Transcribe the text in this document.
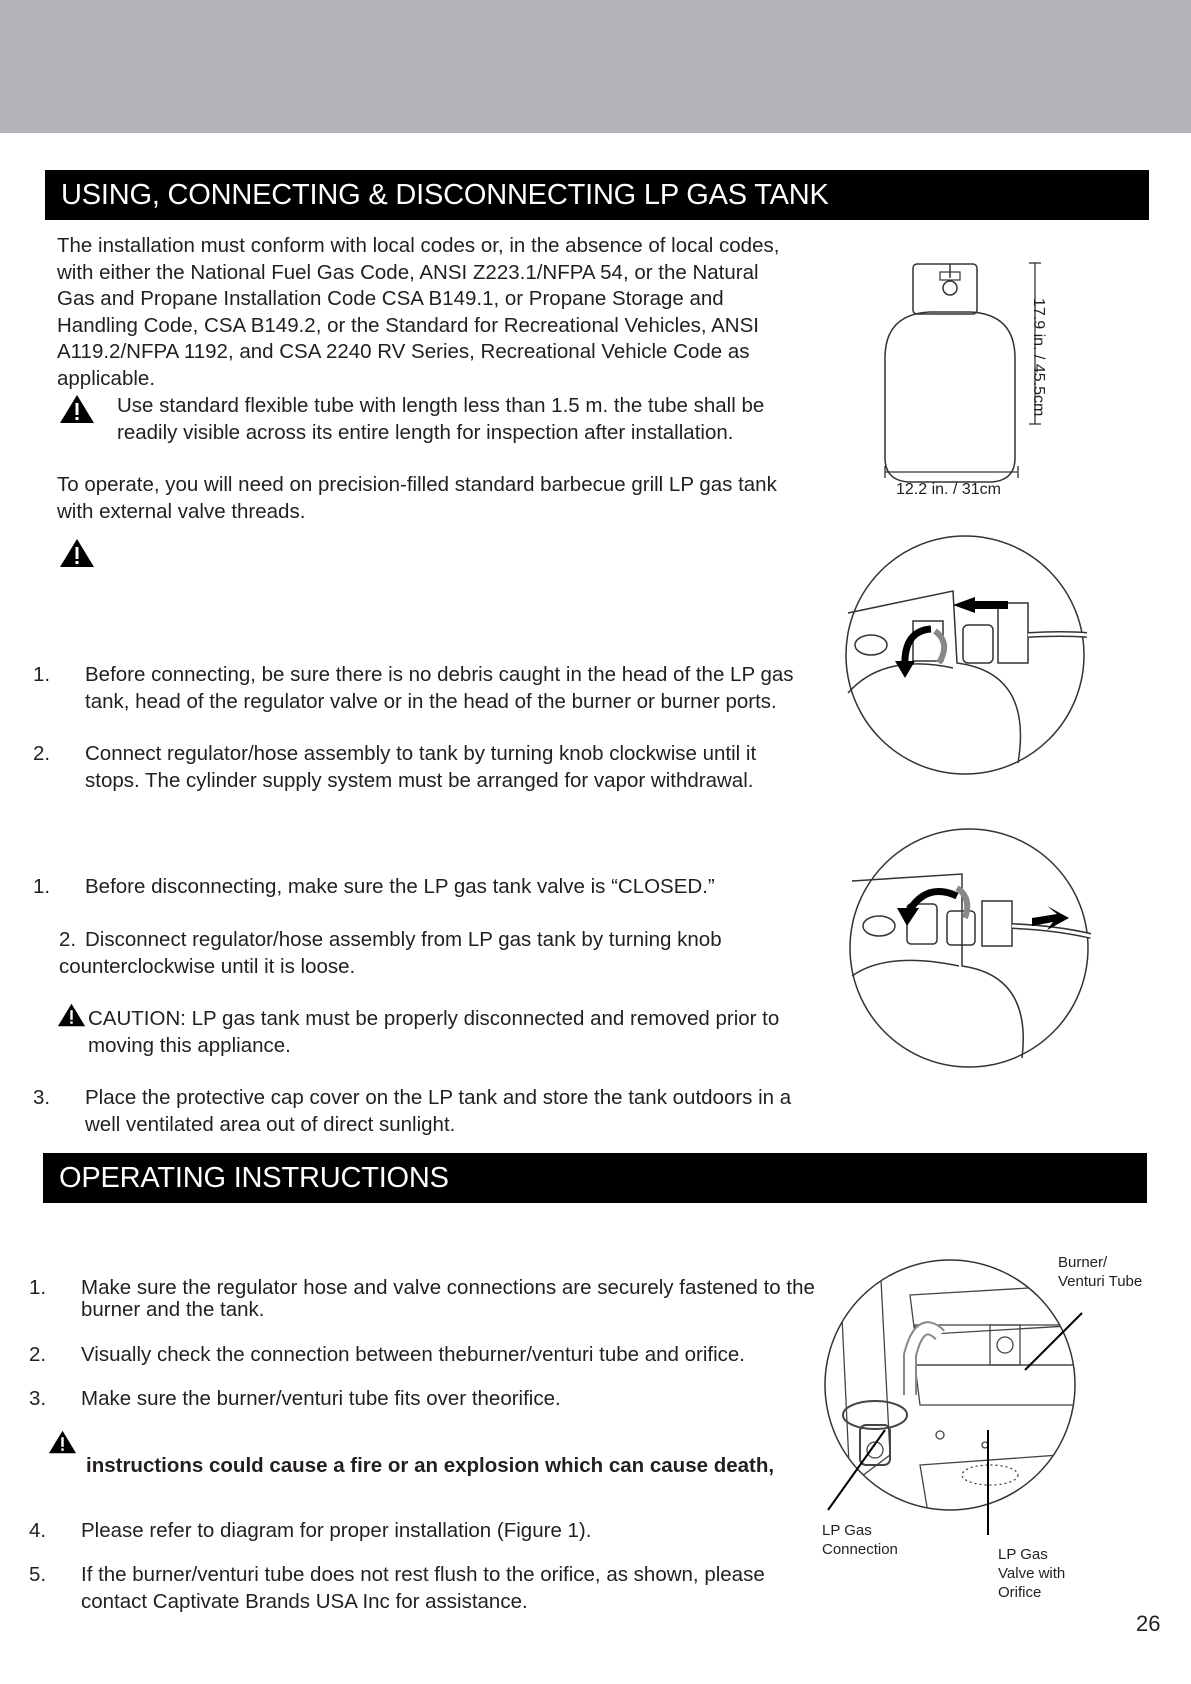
USING, CONNECTING & DISCONNECTING LP GAS TANK

The installation must conform with local codes or, in the absence of local codes, with either the National Fuel Gas Code, ANSI Z223.1/NFPA 54, or the Natural Gas and Propane Installation Code CSA B149.1, or Propane Storage and Handling Code, CSA B149.2, or the Standard for Recreational Vehicles, ANSI A119.2/NFPA 1192, and CSA 2240 RV Series, Recreational Vehicle Code as applicable.

Use standard flexible tube with length less than 1.5 m. the tube shall be readily visible across its entire length for inspection after installation.

To operate, you will need on precision-filled standard barbecue grill LP gas tank with external valve threads.

1. Before connecting, be sure there is no debris caught in the head of the LP gas tank, head of the regulator valve or in the head of the burner or burner ports.

2. Connect regulator/hose assembly to tank by turning knob clockwise until it stops. The cylinder supply system must be arranged for vapor withdrawal.

1. Before disconnecting, make sure the LP gas tank valve is “CLOSED.”

2. Disconnect regulator/hose assembly from LP gas tank by turning knob counterclockwise until it is loose.

CAUTION: LP gas tank must be properly disconnected and removed prior to moving this appliance.

3. Place the protective cap cover on the LP tank and store the tank outdoors in a well ventilated area out of direct sunlight.

17.9 in. / 45.5cm
12.2 in. / 31cm
OPERATING INSTRUCTIONS

1. Make sure the regulator hose and valve connections are securely fastened to the burner and the tank.

2. Visually check the connection between theburner/venturi tube and orifice.

3. Make sure the burner/venturi tube fits over theorifice.

instructions could cause a fire or an explosion which can cause death,

4. Please refer to diagram for proper installation (Figure 1).

5. If the burner/venturi tube does not rest flush to the orifice, as shown, please contact Captivate Brands USA Inc for assistance.

Burner/
Venturi Tube
LP Gas
Connection	LP Gas
Valve with
Orifice
26
